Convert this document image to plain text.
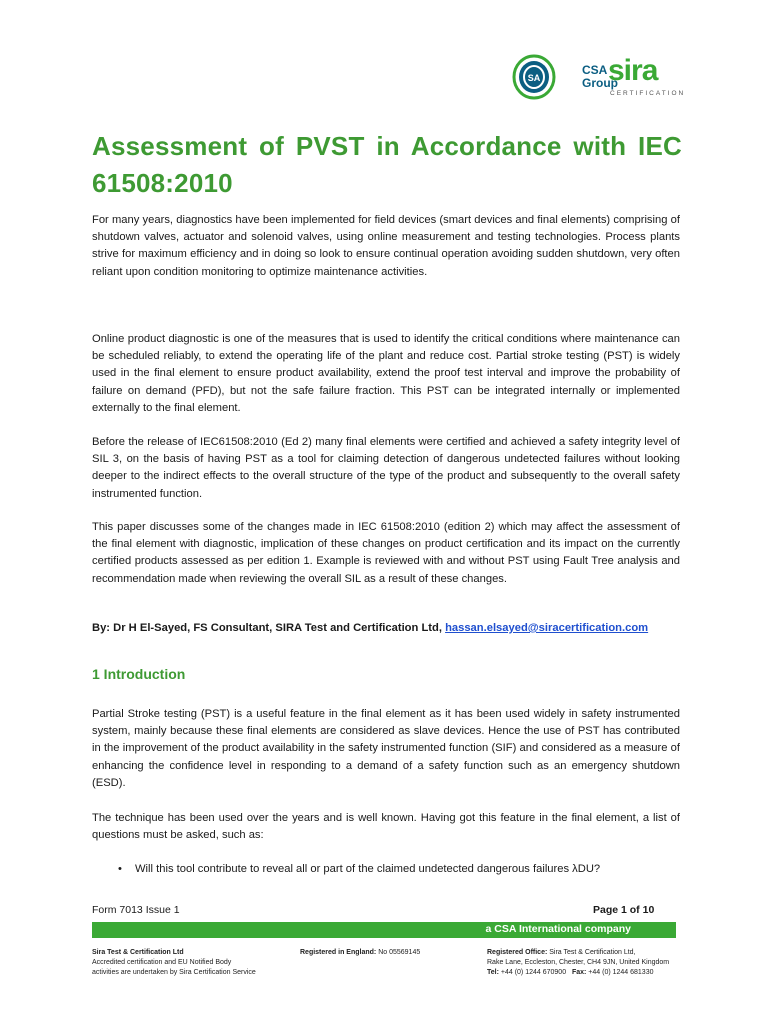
SA
CSA
Group
sira
CERTIFICATION
Assessment of PVST in Accordance with IEC 61508:2010

For many years, diagnostics have been implemented for field devices (smart devices and final elements) comprising of shutdown valves, actuator and solenoid valves, using online measurement and testing technologies. Process plants strive for maximum efficiency and in doing so look to ensure continual operation avoiding sudden shutdown, very often reliant upon condition monitoring to optimize maintenance activities.

Online product diagnostic is one of the measures that is used to identify the critical conditions where maintenance can be scheduled reliably, to extend the operating life of the plant and reduce cost. Partial stroke testing (PST) is widely used in the final element to ensure product availability, extend the proof test interval and improve the probability of failure on demand (PFD), but not the safe failure fraction. This PST can be integrated internally or implemented externally to the final element.

Before the release of IEC61508:2010 (Ed 2) many final elements were certified and achieved a safety integrity level of SIL 3, on the basis of having PST as a tool for claiming detection of dangerous undetected failures without looking deeper to the indirect effects to the overall structure of the type of the product and subsequently to the overall safety instrumented function.

This paper discusses some of the changes made in IEC 61508:2010 (edition 2) which may affect the assessment of the final element with diagnostic, implication of these changes on product certification and its impact on the currently certified products assessed as per edition 1. Example is reviewed with and without PST using Fault Tree analysis and recommendation made when reviewing the overall SIL as a result of these changes.

By: Dr H El-Sayed, FS Consultant, SIRA Test and Certification Ltd, hassan.elsayed@siracertification.com

1 Introduction

Partial Stroke testing (PST) is a useful feature in the final element as it has been used widely in safety instrumented system, mainly because these final elements are considered as slave devices. Hence the use of PST has contributed in the improvement of the product availability in the safety instrumented function (SIF) and considered as a measure of enhancing the confidence level in responding to a demand of a safety function such as an emergency shutdown (ESD).

The technique has been used over the years and is well known. Having got this feature in the final element, a list of questions must be asked, such as:

• Will this tool contribute to reveal all or part of the claimed undetected dangerous failures λDU?
Form 7013 Issue 1	Page 1 of 10
a CSA International company
Sira Test & Certification Ltd
Accredited certification and EU Notified Body
activities are undertaken by Sira Certification Service
Registered in England: No 05569145	Registered Office: Sira Test & Certification Ltd,
Rake Lane, Eccleston, Chester, CH4 9JN, United Kingdom
Tel: +44 (0) 1244 670900 Fax: +44 (0) 1244 681330
